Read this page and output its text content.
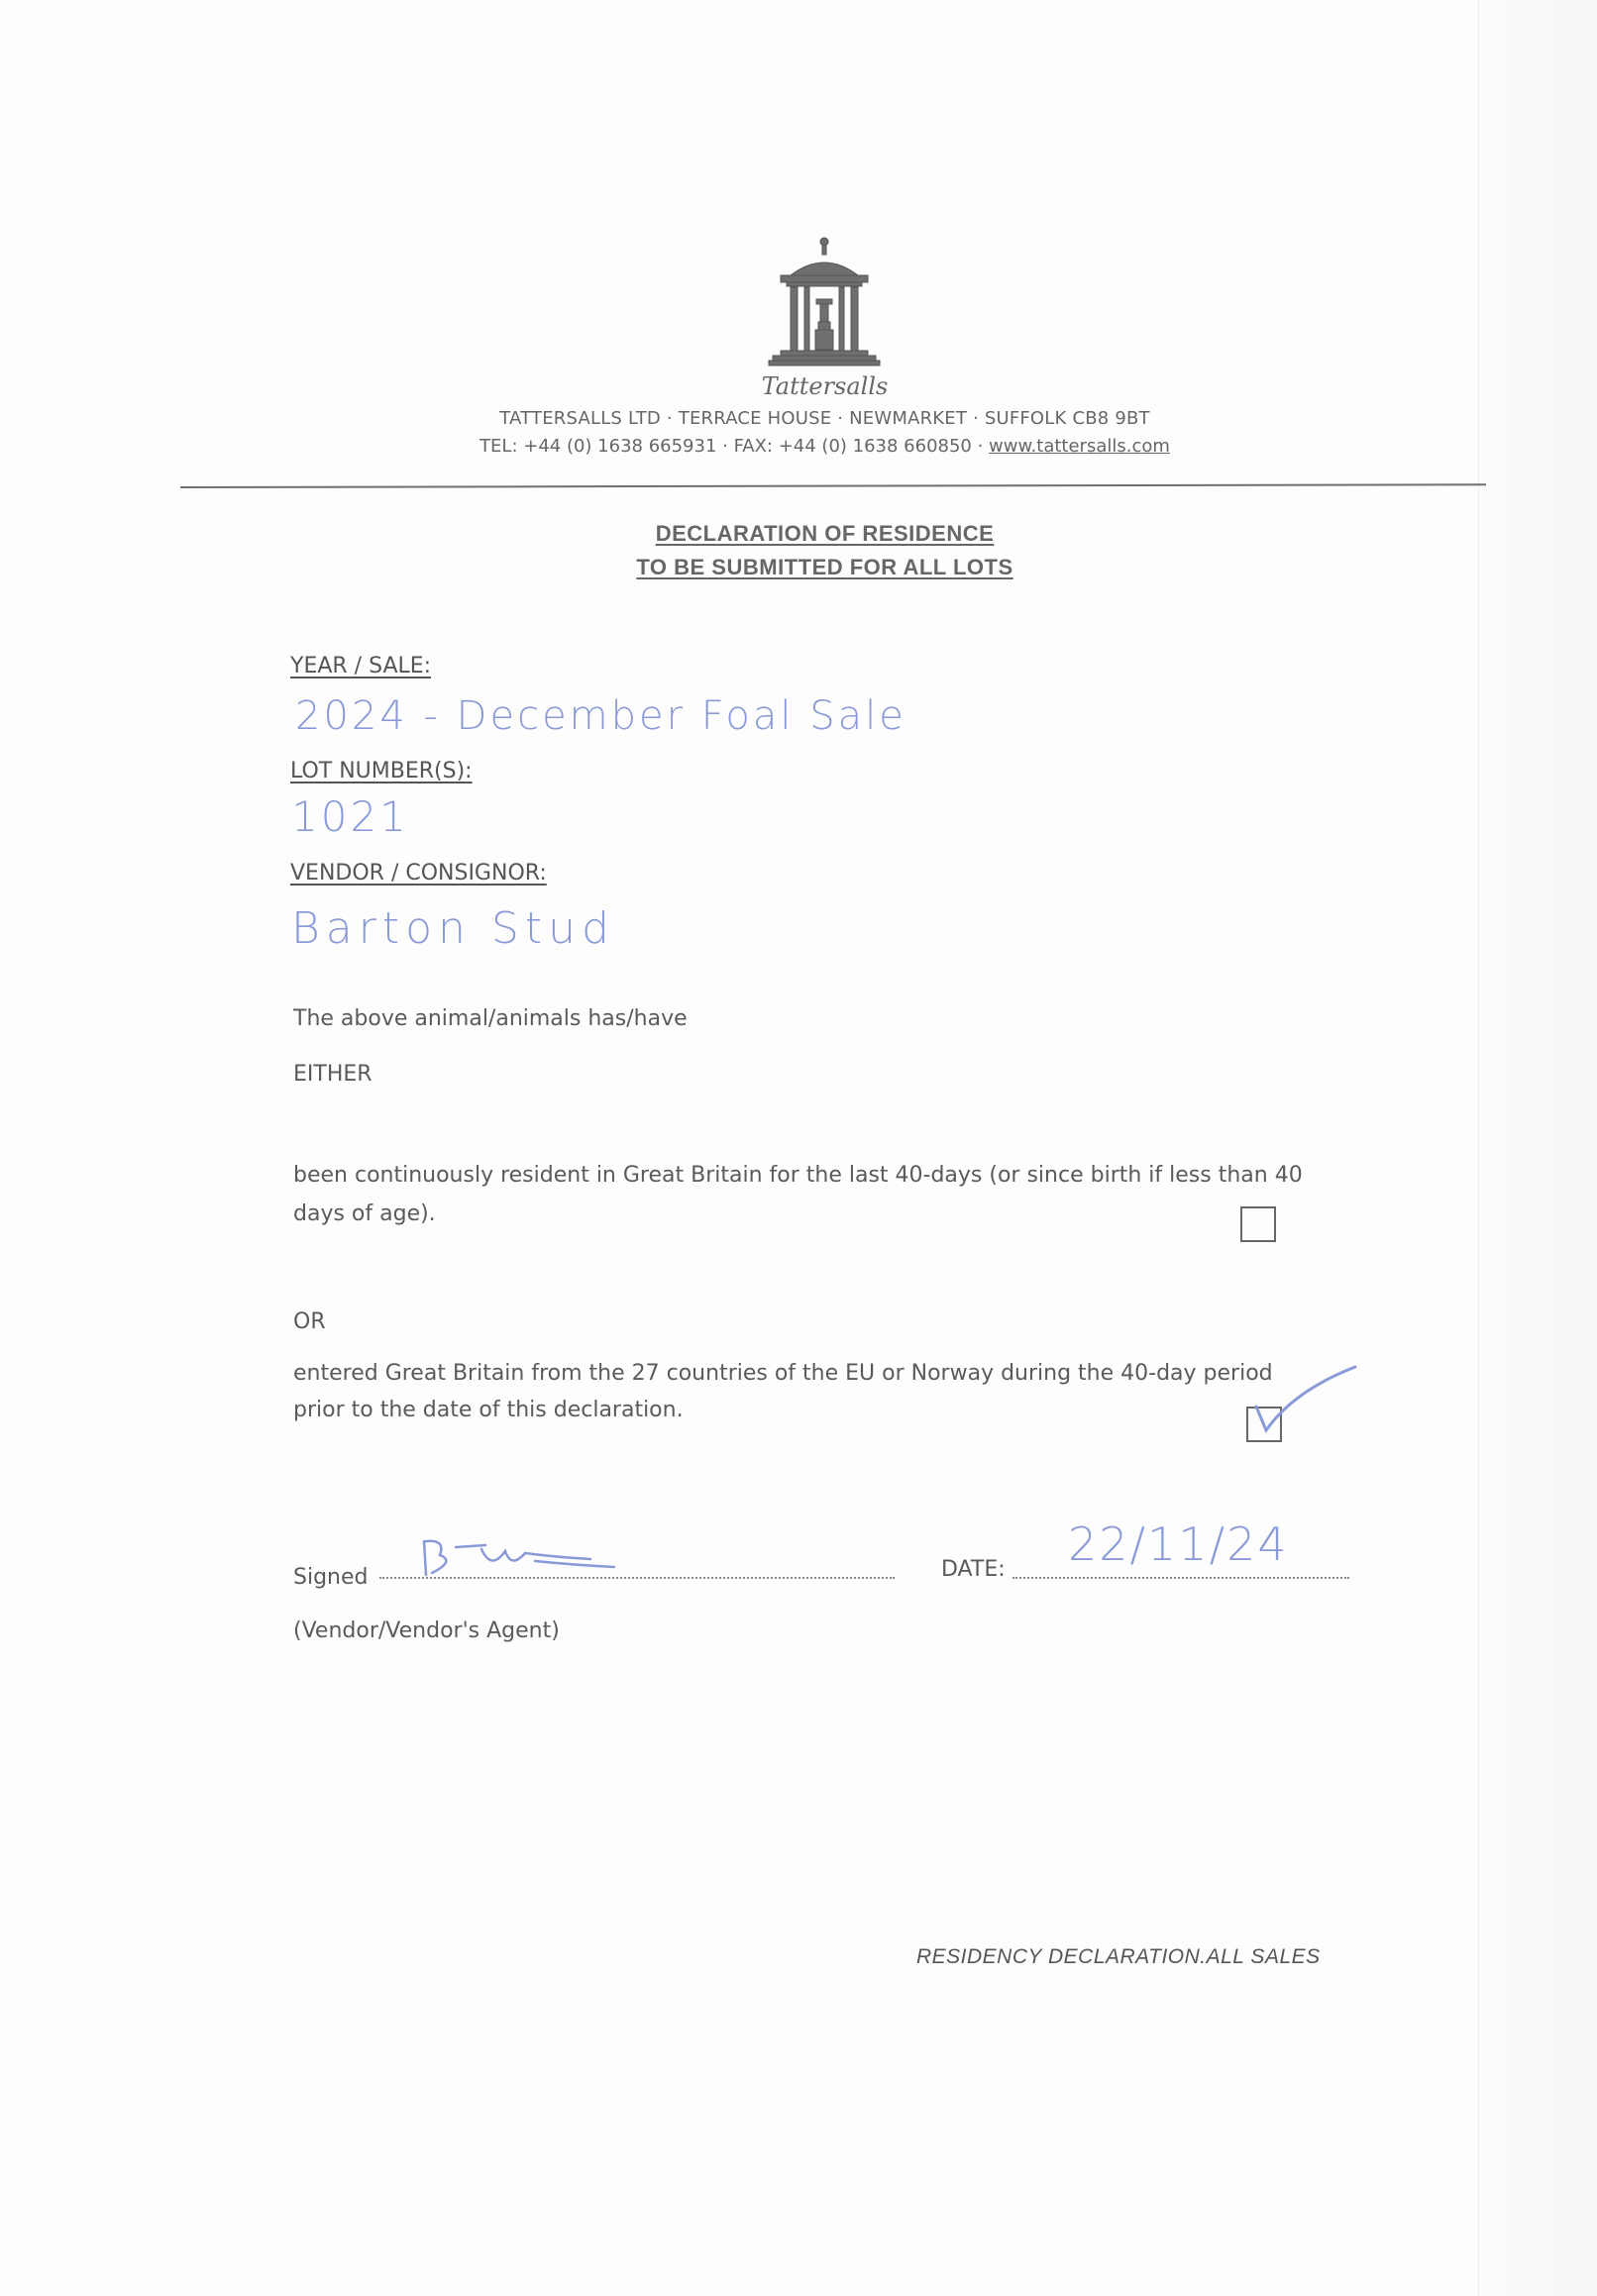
Tattersalls
TATTERSALLS LTD · TERRACE HOUSE · NEWMARKET · SUFFOLK CB8 9BT
TEL: +44 (0) 1638 665931 · FAX: +44 (0) 1638 660850 · www.tattersalls.com
DECLARATION OF RESIDENCE
TO BE SUBMITTED FOR ALL LOTS
YEAR / SALE:
2024 - December Foal Sale
LOT NUMBER(S):
1021
VENDOR / CONSIGNOR:
Barton Stud
The above animal/animals has/have
EITHER
been continuously resident in Great Britain for the last 40-days (or since birth if less than 40
days of age).
OR
entered Great Britain from the 27 countries of the EU or Norway during the 40-day period
prior to the date of this declaration.
Signed	DATE: 22/11/24
(Vendor/Vendor's Agent)
RESIDENCY DECLARATION.ALL SALES
